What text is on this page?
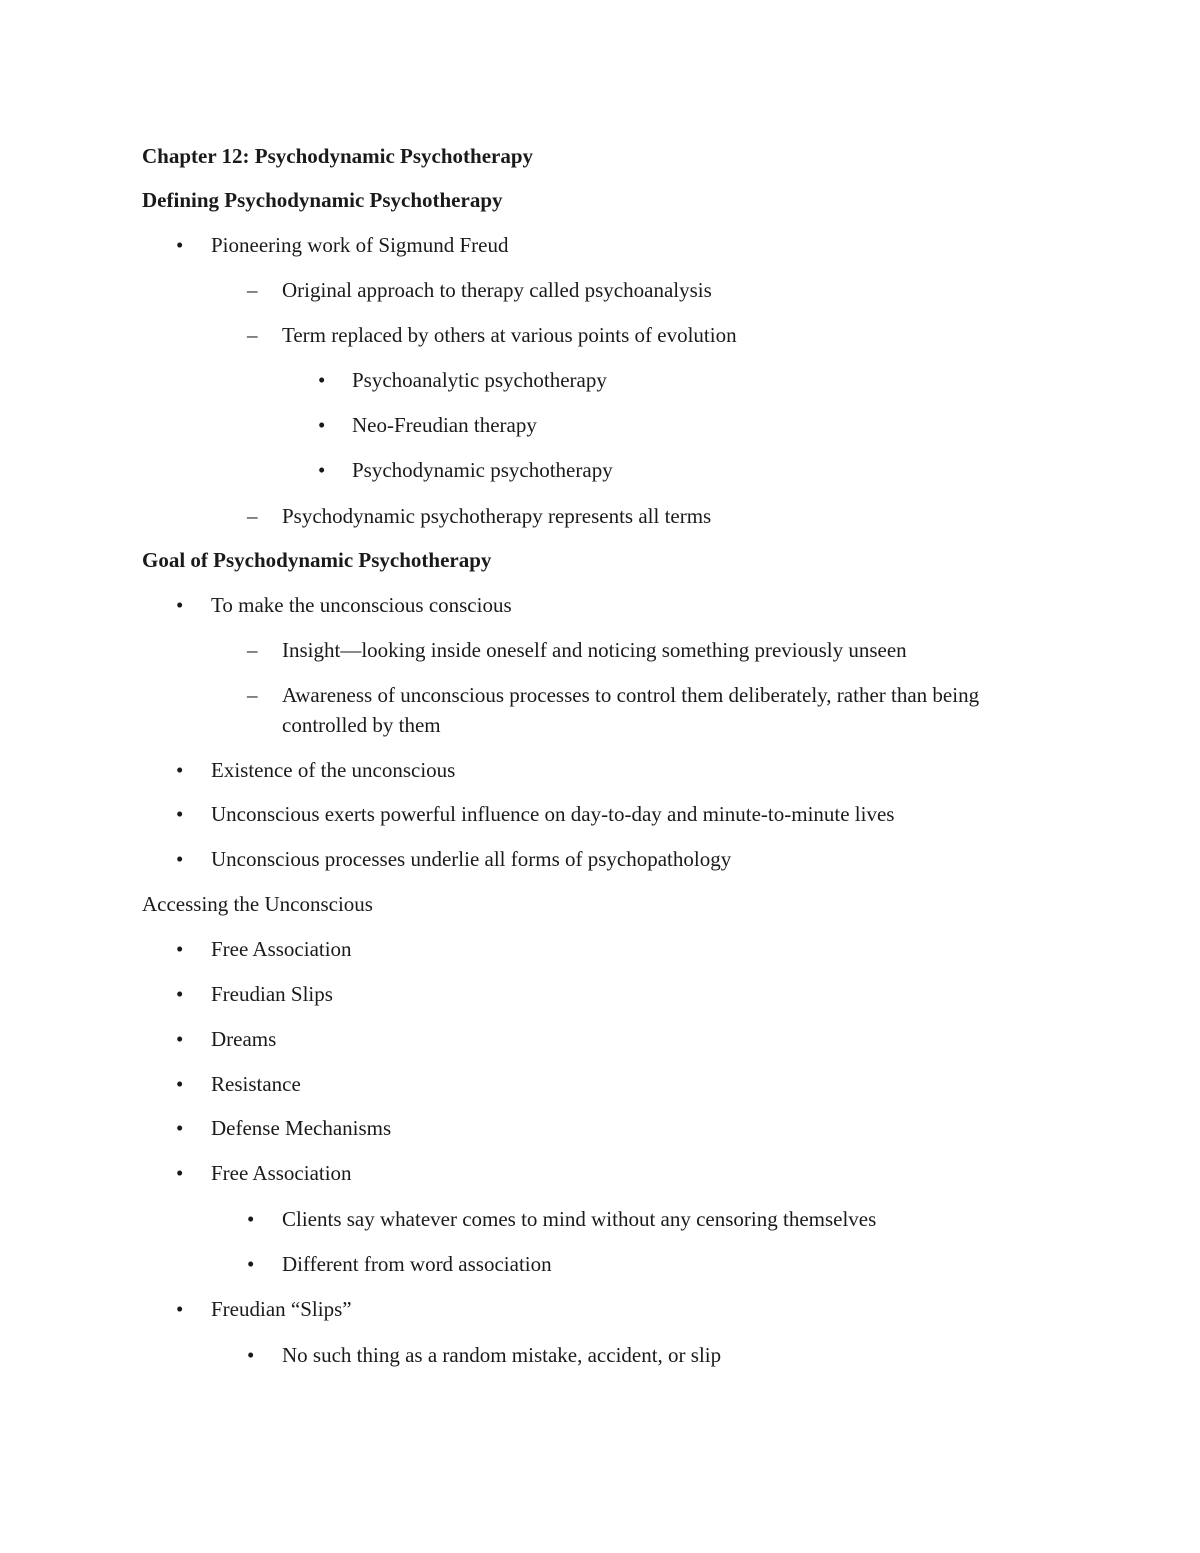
Chapter 12: Psychodynamic Psychotherapy
Defining Psychodynamic Psychotherapy
• Pioneering work of Sigmund Freud
– Original approach to therapy called psychoanalysis
– Term replaced by others at various points of evolution
• Psychoanalytic psychotherapy
• Neo-Freudian therapy
• Psychodynamic psychotherapy
– Psychodynamic psychotherapy represents all terms
Goal of Psychodynamic Psychotherapy
• To make the unconscious conscious
– Insight—looking inside oneself and noticing something previously unseen
– Awareness of unconscious processes to control them deliberately, rather than being controlled by them
• Existence of the unconscious
• Unconscious exerts powerful influence on day-to-day and minute-to-minute lives
• Unconscious processes underlie all forms of psychopathology
Accessing the Unconscious
• Free Association
• Freudian Slips
• Dreams
• Resistance
• Defense Mechanisms
• Free Association
• Clients say whatever comes to mind without any censoring themselves
• Different from word association
• Freudian “Slips”
• No such thing as a random mistake, accident, or slip
